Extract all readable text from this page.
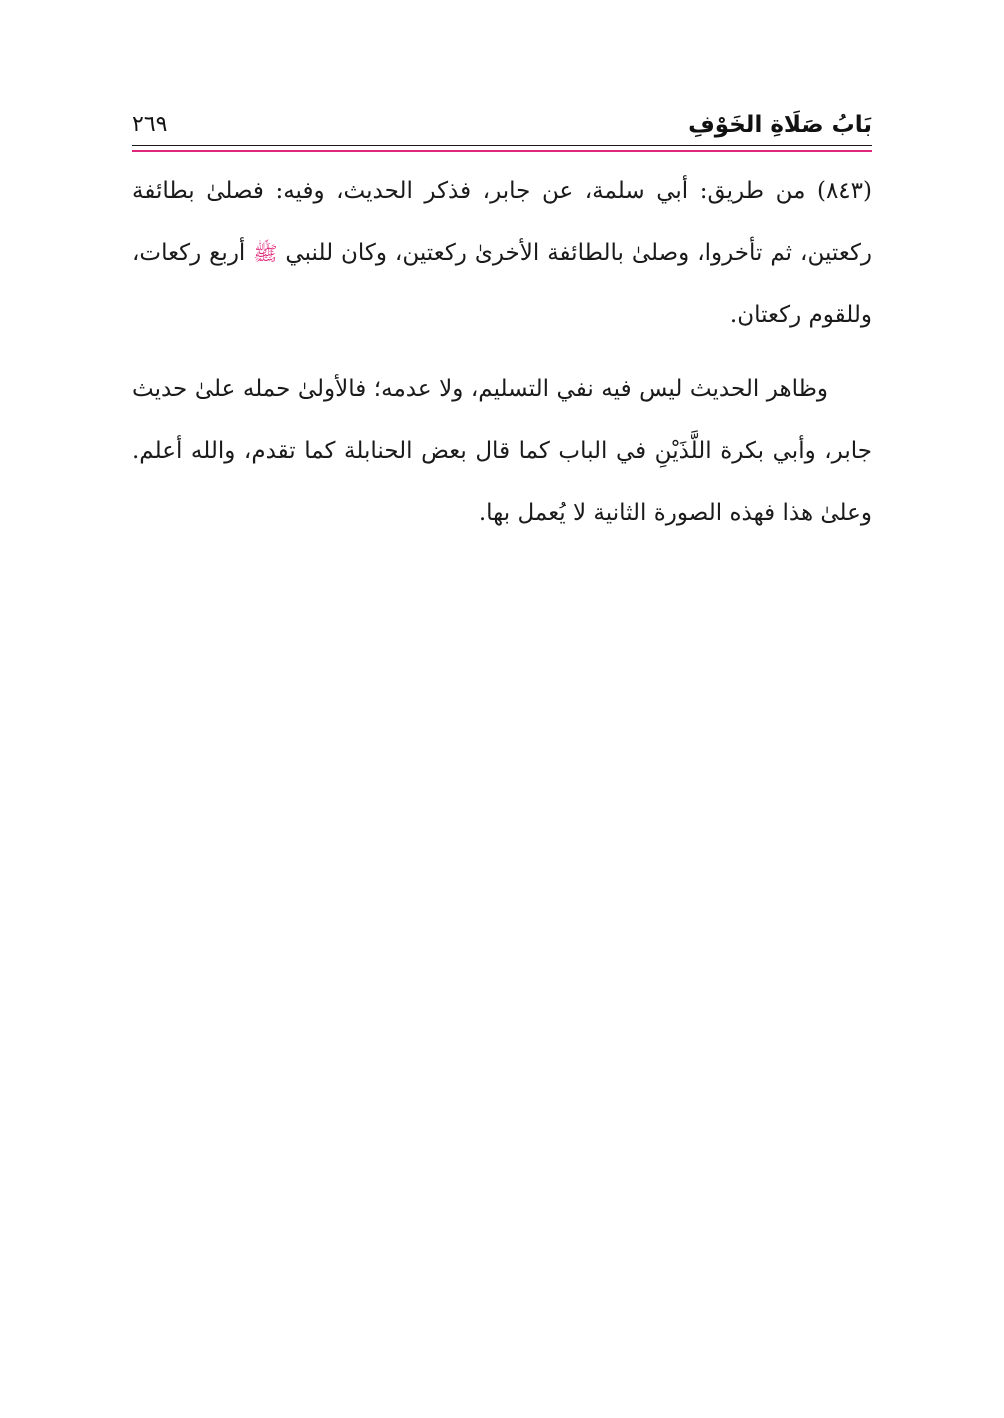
بَابُ صَلَاةِ الخَوْفِ
٢٦٩

(٨٤٣) من طريق: أبي سلمة، عن جابر، فذكر الحديث، وفيه: فصلىٰ بطائفة ركعتين، ثم تأخروا، وصلىٰ بالطائفة الأخرىٰ ركعتين، وكان للنبي ﷺ أربع ركعات، وللقوم ركعتان.

وظاهر الحديث ليس فيه نفي التسليم، ولا عدمه؛ فالأولىٰ حمله علىٰ حديث جابر، وأبي بكرة اللَّذَيْنِ في الباب كما قال بعض الحنابلة كما تقدم، والله أعلم. وعلىٰ هذا فهذه الصورة الثانية لا يُعمل بها.
